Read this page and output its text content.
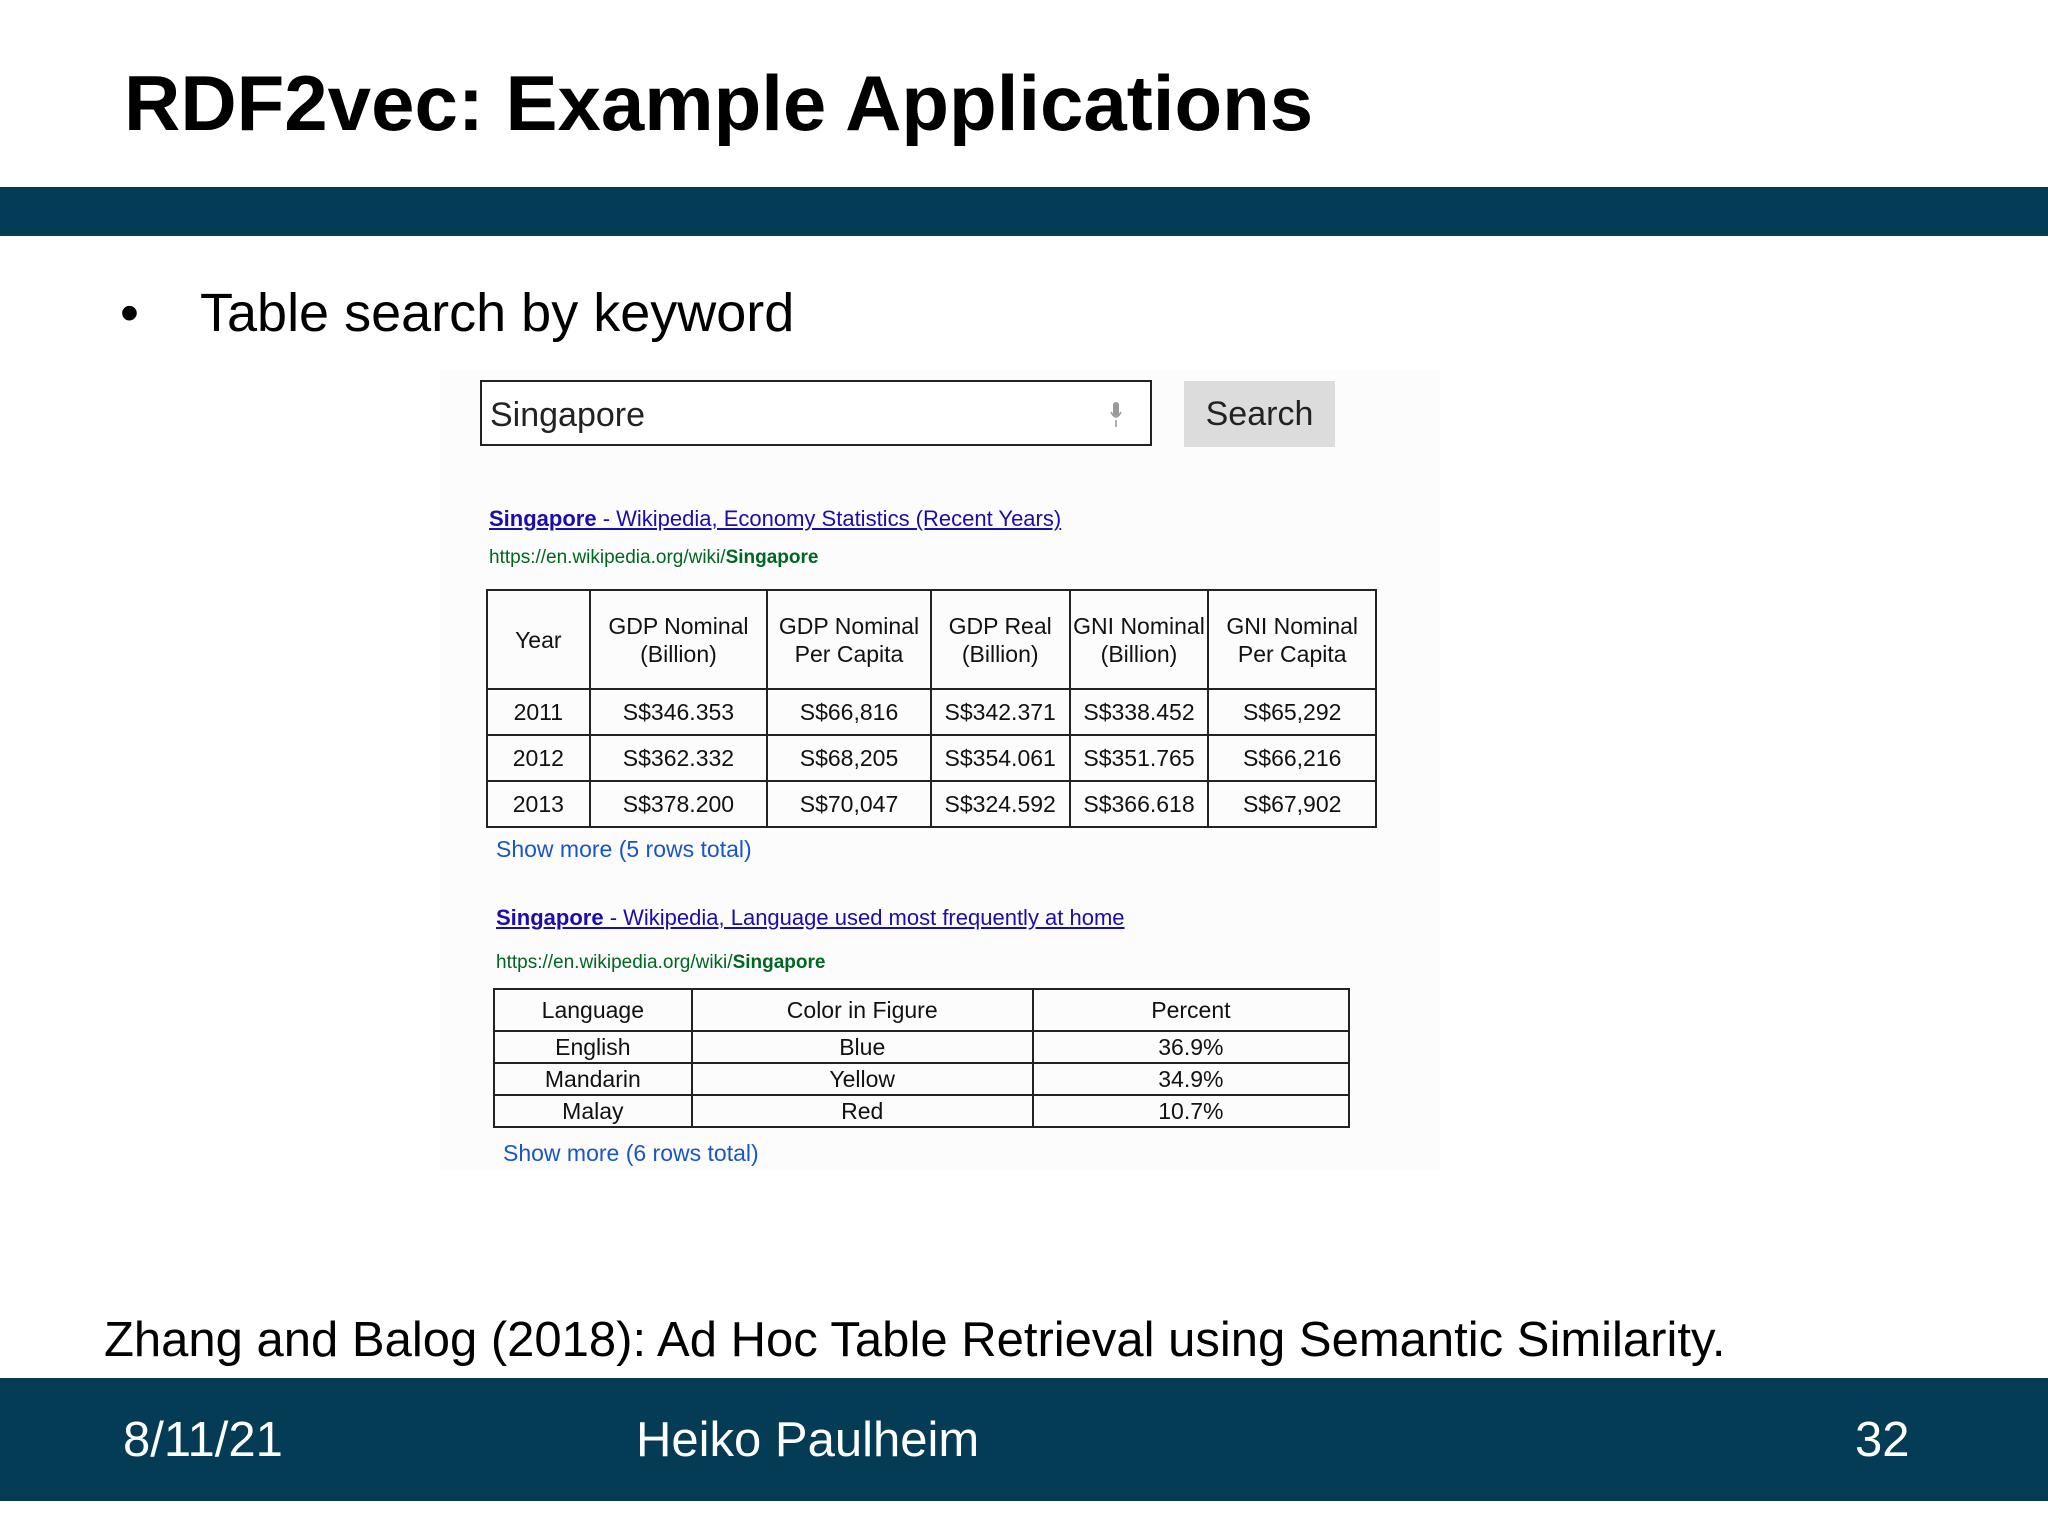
RDF2vec: Example Applications
• Table search by keyword
Singapore	Search
Singapore - Wikipedia, Economy Statistics (Recent Years)
https://en.wikipedia.org/wiki/Singapore
Year	GDP Nominal (Billion)	GDP Nominal Per Capita	GDP Real (Billion)	GNI Nominal (Billion)	GNI Nominal Per Capita
2011	S$346.353	S$66,816	S$342.371	S$338.452	S$65,292
2012	S$362.332	S$68,205	S$354.061	S$351.765	S$66,216
2013	S$378.200	S$70,047	S$324.592	S$366.618	S$67,902
Show more (5 rows total)
Singapore - Wikipedia, Language used most frequently at home
https://en.wikipedia.org/wiki/Singapore
Language	Color in Figure	Percent
English	Blue	36.9%
Mandarin	Yellow	34.9%
Malay	Red	10.7%
Show more (6 rows total)
Zhang and Balog (2018): Ad Hoc Table Retrieval using Semantic Similarity.
8/11/21	Heiko Paulheim	32
